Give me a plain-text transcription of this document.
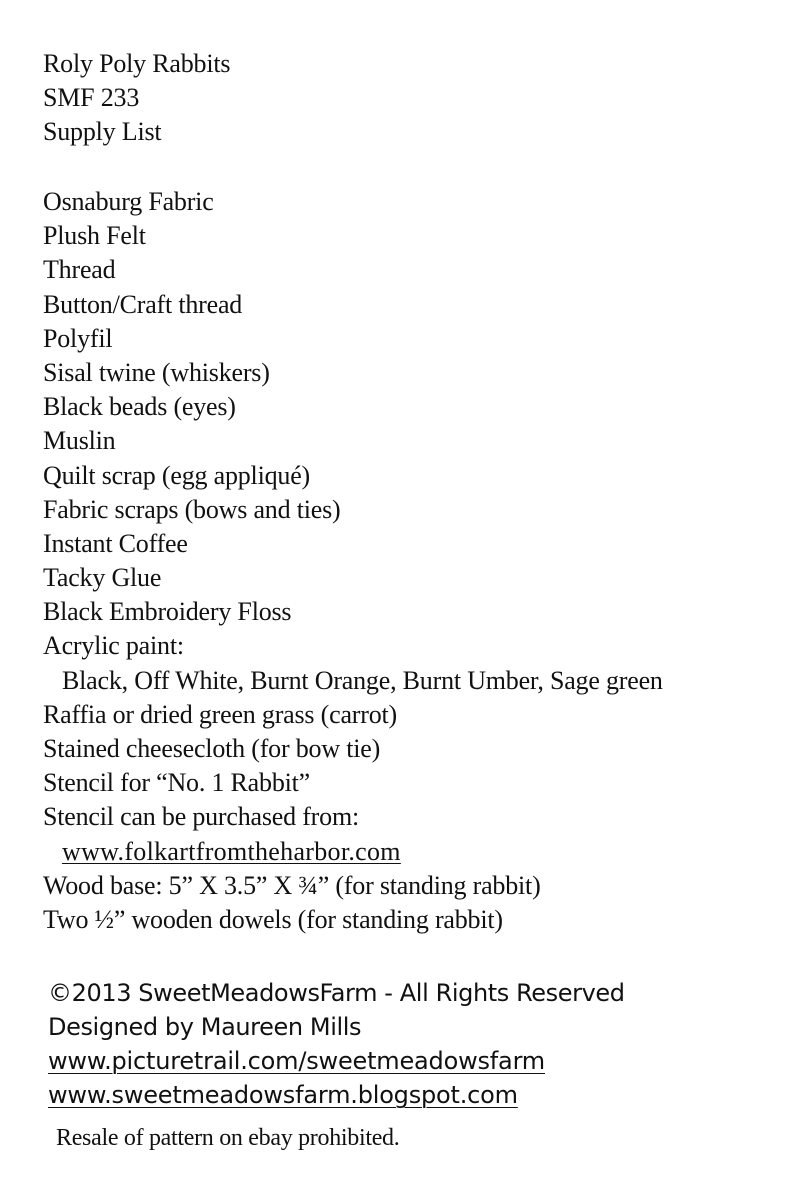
Roly Poly Rabbits
SMF 233
Supply List
Osnaburg Fabric
Plush Felt
Thread
Button/Craft thread
Polyfil
Sisal twine (whiskers)
Black beads (eyes)
Muslin
Quilt scrap (egg appliqué)
Fabric scraps (bows and ties)
Instant Coffee
Tacky Glue
Black Embroidery Floss
Acrylic paint:
Black, Off White, Burnt Orange, Burnt Umber, Sage green
Raffia or dried green grass (carrot)
Stained cheesecloth (for bow tie)
Stencil for “No. 1 Rabbit”
Stencil can be purchased from:
www.folkartfromtheharbor.com
Wood base: 5” X 3.5” X ¾” (for standing rabbit)
Two ½” wooden dowels (for standing rabbit)
©2013 SweetMeadowsFarm - All Rights Reserved
Designed by Maureen Mills
www.picturetrail.com/sweetmeadowsfarm
www.sweetmeadowsfarm.blogspot.com
Resale of pattern on ebay prohibited.
